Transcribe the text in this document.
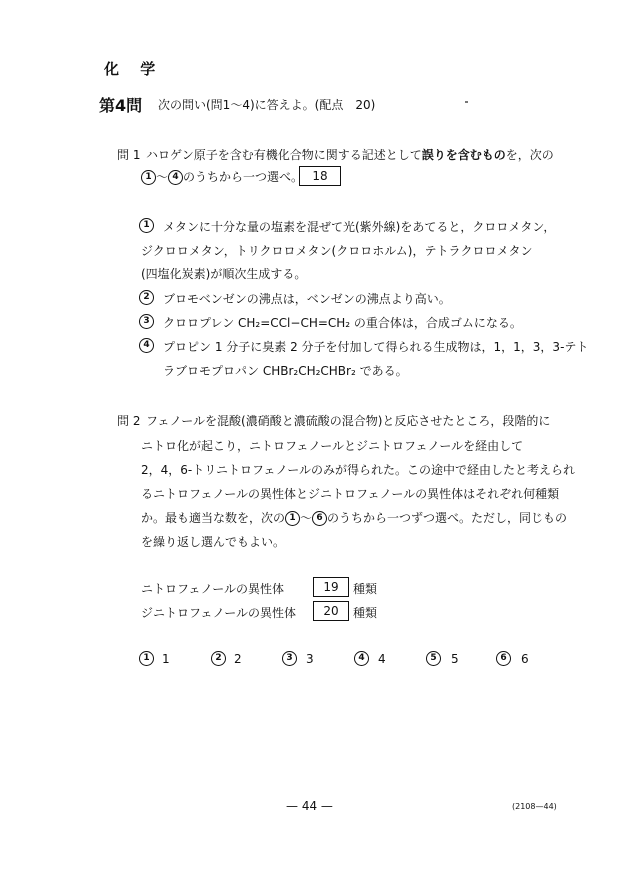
化 学
第4問 次の問い(問1～4)に答えよ。(配点　20)
問 1 ハロゲン原子を含む有機化合物に関する記述として誤りを含むものを，次の
1 ～ 4 のうちから一つ選べ。 18
1	メタンに十分な量の塩素を混ぜて光(紫外線)をあてると，クロロメタン，
ジクロロメタン，トリクロロメタン(クロロホルム)，テトラクロロメタン
(四塩化炭素)が順次生成する。
2	ブロモベンゼンの沸点は，ベンゼンの沸点より高い。
3	クロロプレン CH₂=CCl−CH=CH₂ の重合体は，合成ゴムになる。
4	プロピン 1 分子に臭素 2 分子を付加して得られる生成物は，1，1，3，3-テト
ラブロモプロパン CHBr₂CH₂CHBr₂ である。
問 2 フェノールを混酸(濃硝酸と濃硫酸の混合物)と反応させたところ，段階的に
ニトロ化が起こり，ニトロフェノールとジニトロフェノールを経由して
2，4，6-トリニトロフェノールのみが得られた。この途中で経由したと考えられ
るニトロフェノールの異性体とジニトロフェノールの異性体はそれぞれ何種類
か。最も適当な数を，次の 1 ～ 6 のうちから一つずつ選べ。ただし，同じもの
を繰り返し選んでもよい。
ニトロフェノールの異性体	19	種類
ジニトロフェノールの異性体	20	種類
1	1	2	2	3	3	4	4	5	5	6	6
— 44 —	(2108—44)
